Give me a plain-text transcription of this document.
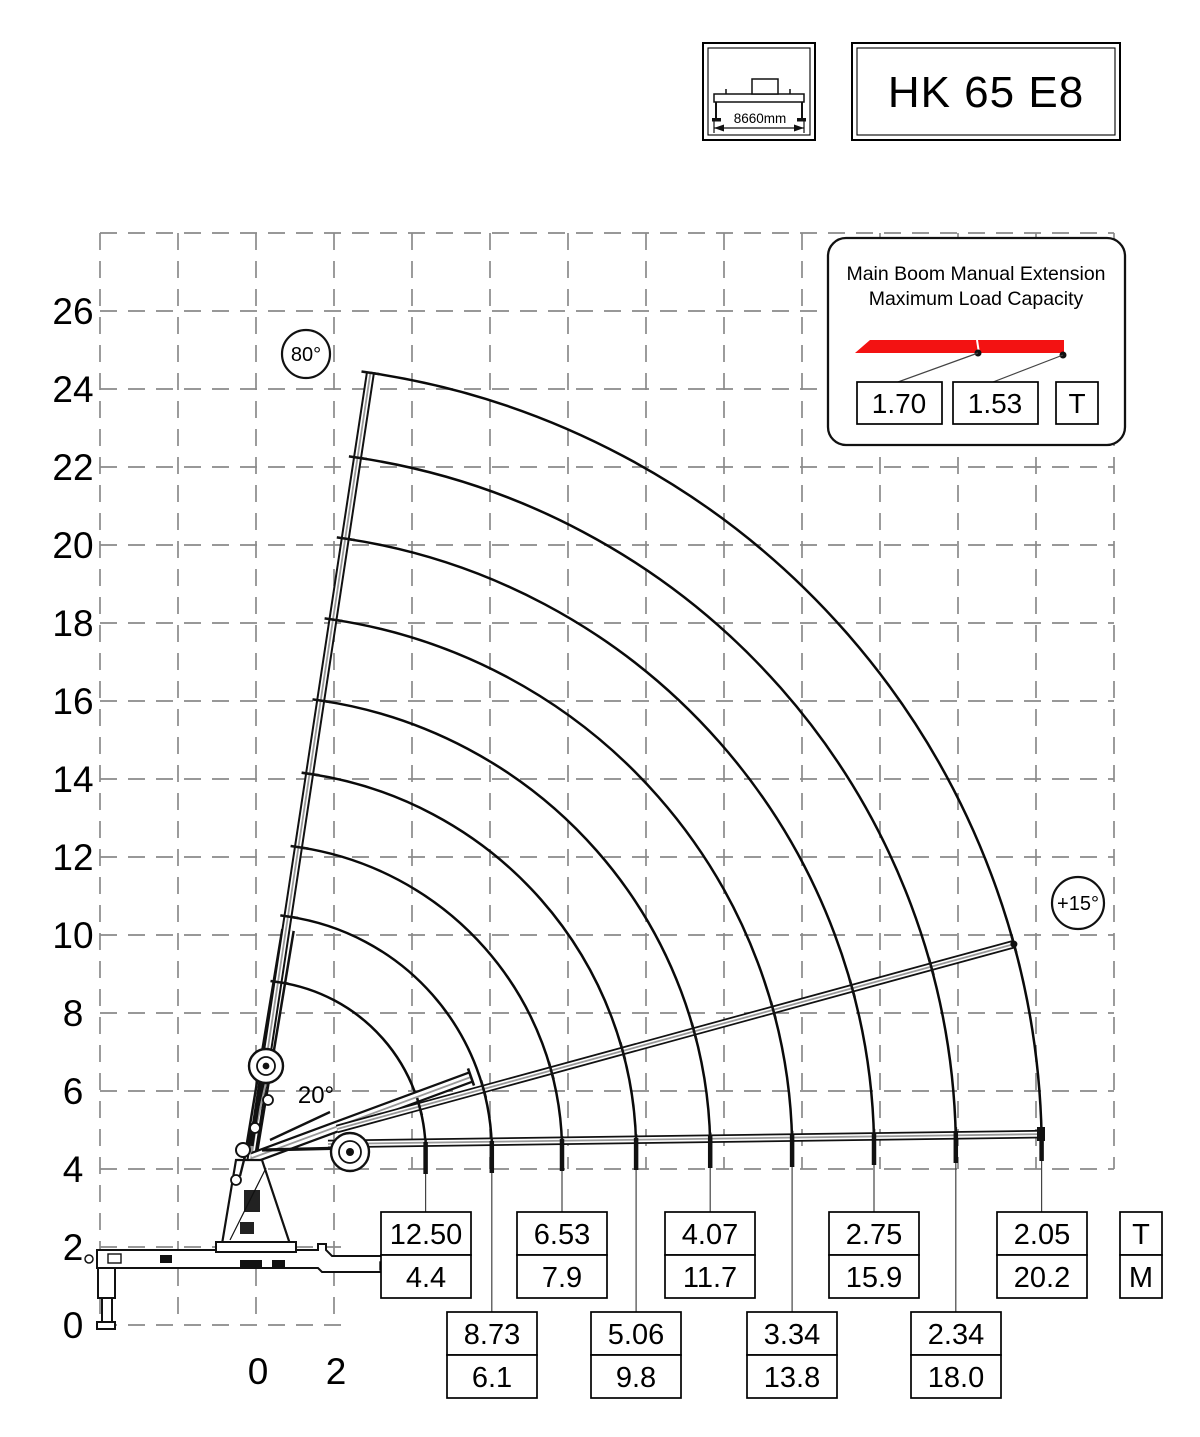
26
24
22
20
18
16
14
12
10
8
6
4
2
0
0 2
12.50
4.4
8.73
6.1
6.53
7.9
5.06
9.8
4.07
11.7
3.34
13.8
2.75
15.9
2.34
18.0
2.05
20.2
T
M
80°
+15°
20°
8660mm
HK 65 E8
Main Boom Manual Extension
Maximum Load Capacity
1.70 1.53 T
